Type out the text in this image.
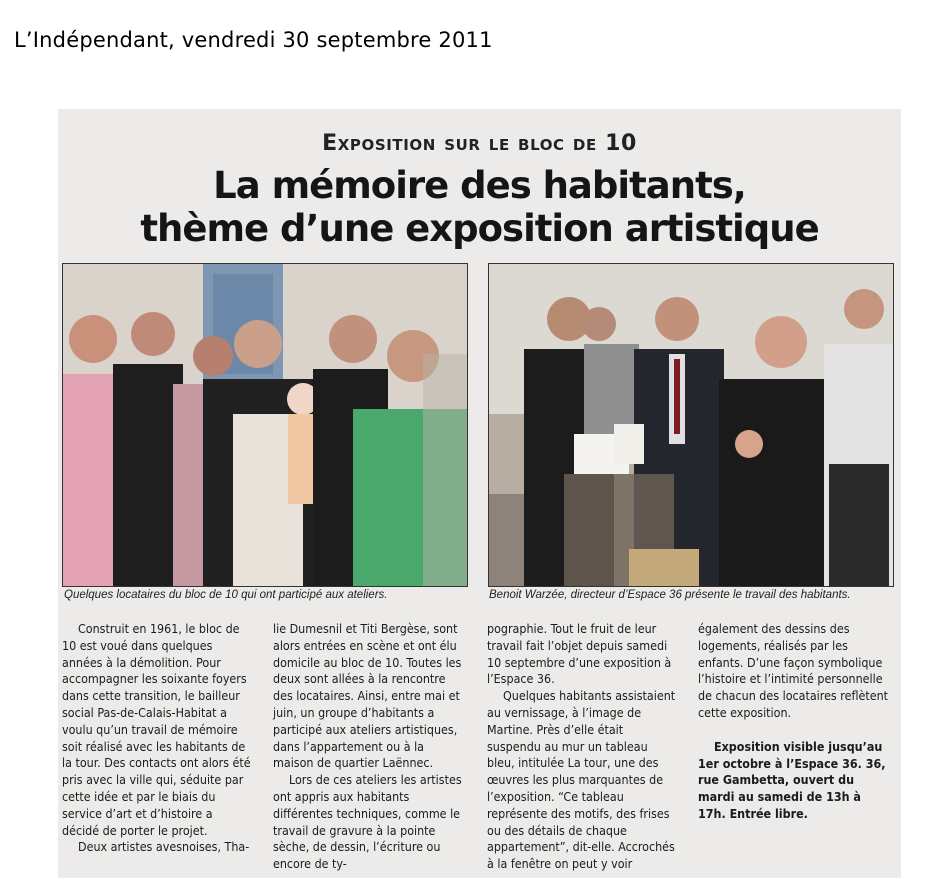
L’Indépendant, vendredi 30 septembre 2011
Exposition sur le bloc de 10
La mémoire des habitants,
thème d’une exposition artistique
Quelques locataires du bloc de 10 qui ont participé aux ateliers.	Benoit Warzée, directeur d’Espace 36 présente le travail des habitants.

Construit en 1961, le bloc de 10 est voué dans quelques années à la démolition. Pour accompagner les soixante foyers dans cette transition, le bailleur social Pas-de-Calais-Habitat a voulu qu’un travail de mémoire soit réalisé avec les habitants de la tour. Des contacts ont alors été pris avec la ville qui, séduite par cette idée et par le biais du service d’art et d’histoire a décidé de porter le projet.

Deux artistes avesnoises, Tha-

lie Dumesnil et Titi Bergèse, sont alors entrées en scène et ont élu domicile au bloc de 10. Toutes les deux sont allées à la rencontre des locataires. Ainsi, entre mai et juin, un groupe d’habitants a participé aux ateliers artistiques, dans l’appartement ou à la maison de quartier Laënnec.

Lors de ces ateliers les artistes ont appris aux habitants différentes techniques, comme le travail de gravure à la pointe sèche, de dessin, l’écriture ou encore de ty-

pographie. Tout le fruit de leur travail fait l’objet depuis samedi 10 septembre d’une exposition à l’Espace 36.

Quelques habitants assistaient au vernissage, à l’image de Martine. Près d’elle était suspendu au mur un tableau bleu, intitulée La tour, une des œuvres les plus marquantes de l’exposition. “Ce tableau représente des motifs, des frises ou des détails de chaque appartement”, dit-elle. Accrochés à la fenêtre on peut y voir

également des dessins des logements, réalisés par les enfants. D’une façon symbolique l’histoire et l’intimité personnelle de chacun des locataires reflètent cette exposition.

Exposition visible jusqu’au 1er octobre à l’Espace 36. 36, rue Gambetta, ouvert du mardi au samedi de 13h à 17h. Entrée libre.
